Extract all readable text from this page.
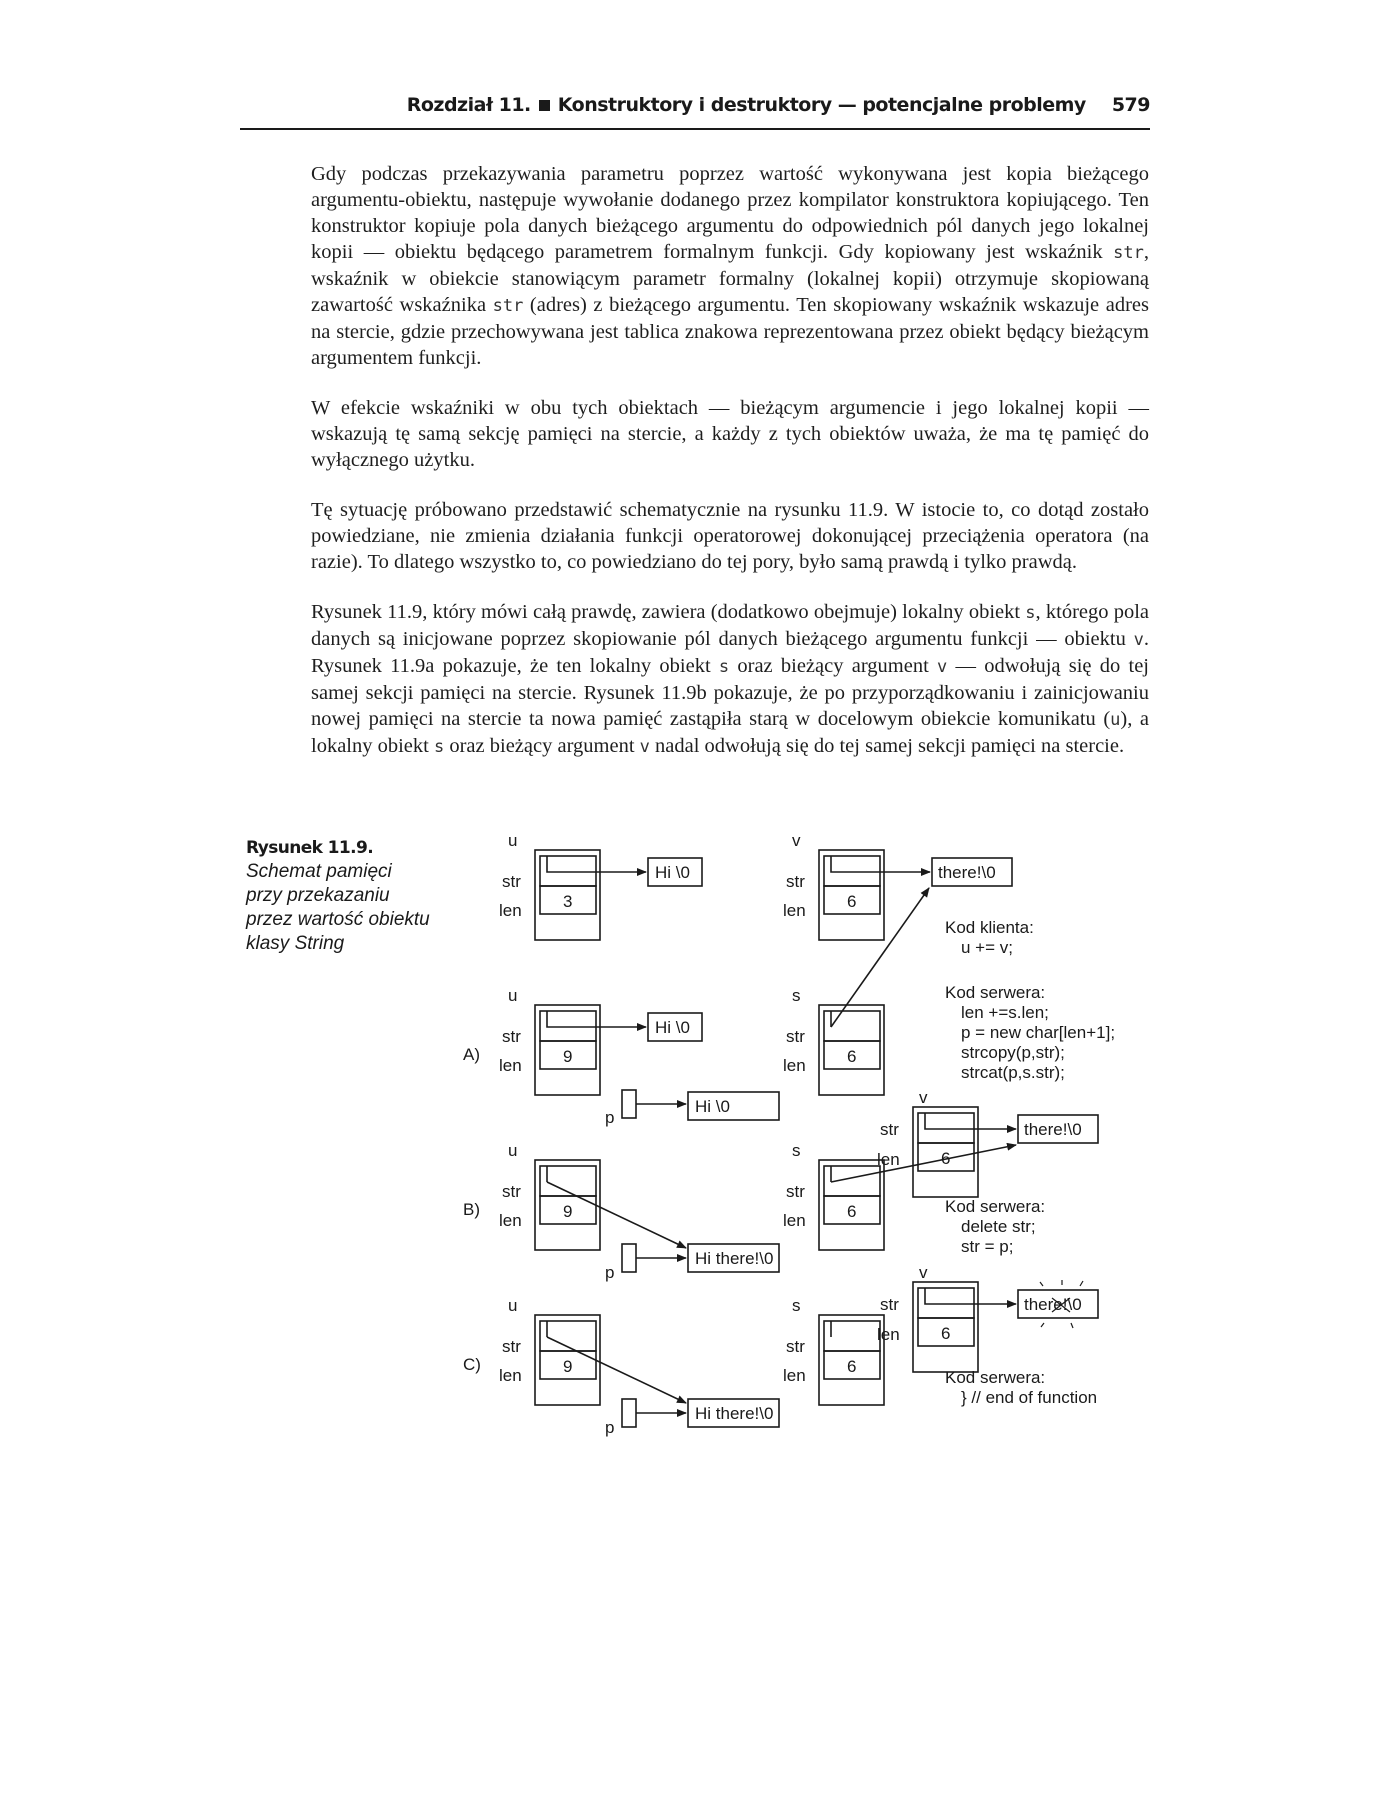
Rozdział 11. Konstruktory i destruktory — potencjalne problemy 579

Gdy podczas przekazywania parametru poprzez wartość wykonywana jest kopia bieżącego argumentu-obiektu, następuje wywołanie dodanego przez kompilator konstruktora kopiującego. Ten konstruktor kopiuje pola danych bieżącego argumentu do odpowiednich pól danych jego lokalnej kopii — obiektu będącego parametrem formalnym funkcji. Gdy kopiowany jest wskaźnik str, wskaźnik w obiekcie stanowiącym parametr formalny (lokalnej kopii) otrzymuje skopiowaną zawartość wskaźnika str (adres) z bieżącego argumentu. Ten skopiowany wskaźnik wskazuje adres na stercie, gdzie przechowywana jest tablica znakowa reprezentowana przez obiekt będący bieżącym argumentem funkcji.

W efekcie wskaźniki w obu tych obiektach — bieżącym argumencie i jego lokalnej kopii — wskazują tę samą sekcję pamięci na stercie, a każdy z tych obiektów uważa, że ma tę pamięć do wyłącznego użytku.

Tę sytuację próbowano przedstawić schematycznie na rysunku 11.9. W istocie to, co dotąd zostało powiedziane, nie zmienia działania funkcji operatorowej dokonującej przeciążenia operatora (na razie). To dlatego wszystko to, co powiedziano do tej pory, było samą prawdą i tylko prawdą.

Rysunek 11.9, który mówi całą prawdę, zawiera (dodatkowo obejmuje) lokalny obiekt s, którego pola danych są inicjowane poprzez skopiowanie pól danych bieżącego argumentu funkcji — obiektu v. Rysunek 11.9a pokazuje, że ten lokalny obiekt s oraz bieżący argument v — odwołują się do tej samej sekcji pamięci na stercie. Rysunek 11.9b pokazuje, że po przyporządkowaniu i zainicjowaniu nowej pamięci na stercie ta nowa pamięć zastąpiła starą w docelowym obiekcie komunikatu (u), a lokalny obiekt s oraz bieżący argument v nadal odwołują się do tej samej sekcji pamięci na stercie.

Rysunek 11.9.
Schemat pamięci
przy przekazaniu
przez wartość obiektu
klasy String
u
str
len 3
Hi \0
v
str
len 6
there!\0
Kod klienta:
u += v;
u
A)
str
len 9
Hi \0
p
Hi \0
s
str
len 6
Kod serwera:
len +=s.len;
p = new char[len+1];
strcopy(p,str);
strcat(p,s.str);
v
str
len 6
there!\0
u
B)
str
len 9
p
Hi there!\0
s
str
len 6	Kod serwera:
delete str;
str = p;
v
str
len 6
there!\0
u
C)
str
len 9
p
Hi there!\0
s
str
len 6
Kod serwera:
} // end of function
